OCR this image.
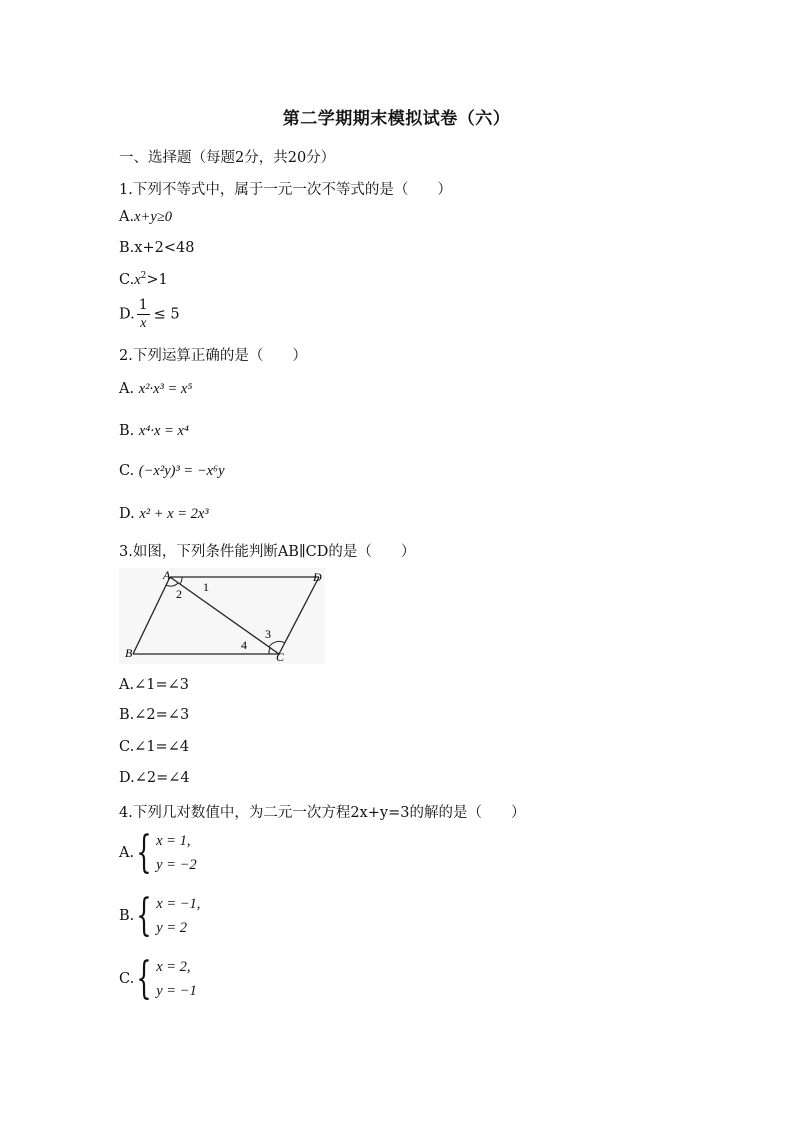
第二学期期末模拟试卷（六）
一、选择题（每题2分，共20分）
1.下列不等式中，属于一元一次不等式的是（　　）
A.x+y≥0
B.x+2<48
$C.x^2>1$
D. $\frac{1}{x} \le 5$
2.下列运算正确的是（　　）
A. x²·x³ = x⁵
B. x⁴·x = x⁴
C. (−x²y)³ = −x⁶y
D. x² + x = 2x³
3.如图，下列条件能判断AB∥CD的是（　　）
A	D
B	C
1
2
3
4
A.∠1=∠3
B.∠2=∠3
C.∠1=∠4
D.∠2=∠4
4.下列几对数值中，为二元一次方程2x+y=3的解的是（　　）
A. { x = 1,
y = −2
B. { x = −1,
y = 2
C. { x = 2,
y = −1
